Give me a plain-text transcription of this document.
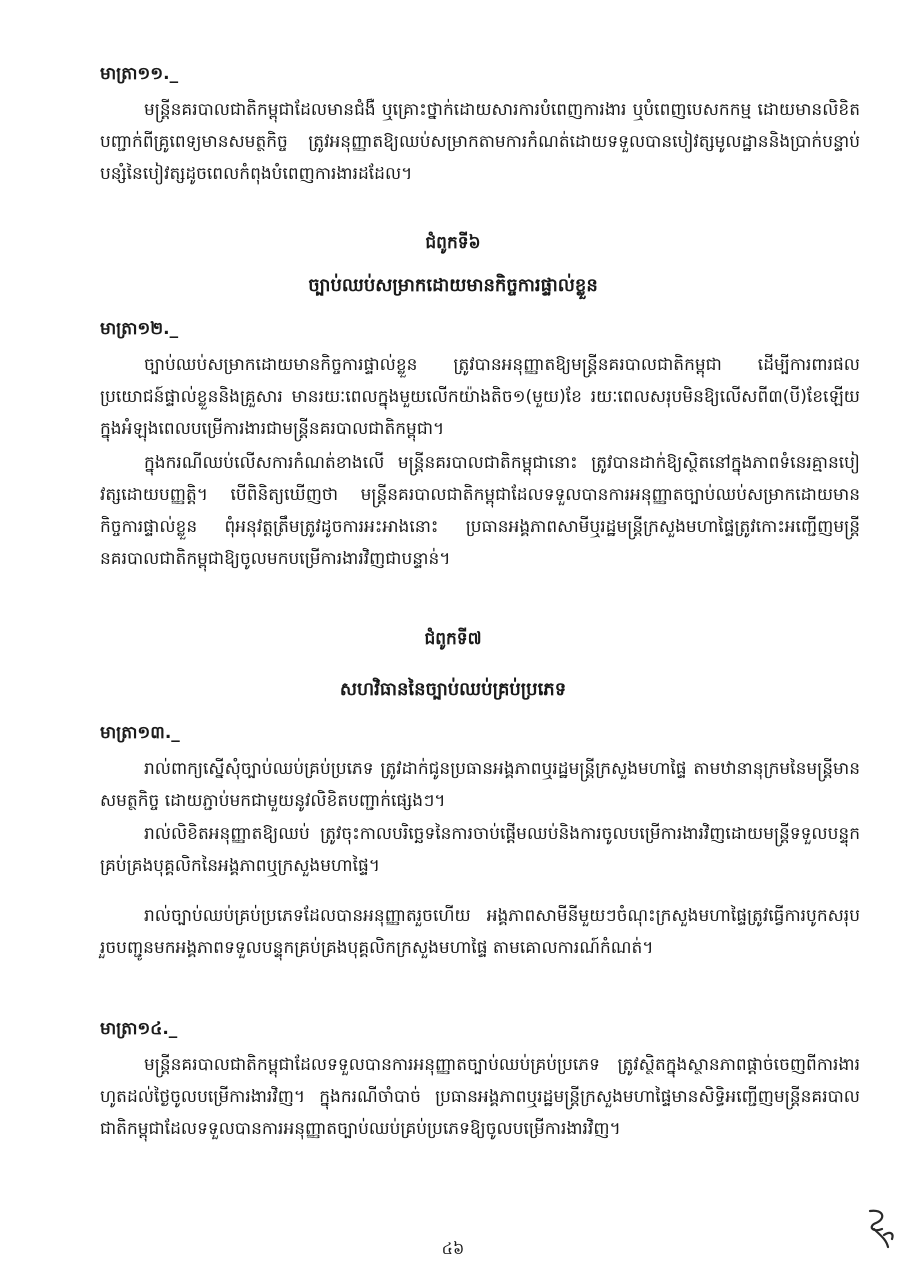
មាត្រា១១._

មន្ត្រីនគរបាលជាតិកម្ពុជាដែលមានជំងឺ ឬគ្រោះថ្នាក់ដោយសារការបំពេញការងារ ឬបំពេញបេសកកម្ម ដោយមានលិខិតបញ្ជាក់ពីគ្រូពេទ្យមានសមត្ថកិច្ច ត្រូវអនុញ្ញាតឱ្យឈប់សម្រាកតាមការកំណត់ដោយទទួលបានបៀវត្សមូលដ្ឋាននិងប្រាក់បន្ទាប់បន្សំនៃបៀវត្សដូចពេលកំពុងបំពេញការងារដដែល។

ជំពូកទី៦
ច្បាប់ឈប់សម្រាកដោយមានកិច្ចការផ្ទាល់ខ្លួន
មាត្រា១២._

ច្បាប់ឈប់សម្រាកដោយមានកិច្ចការផ្ទាល់ខ្លួន ត្រូវបានអនុញ្ញាតឱ្យមន្ត្រីនគរបាលជាតិកម្ពុជា ដើម្បីការពារផលប្រយោជន៍ផ្ទាល់ខ្លួននិងគ្រួសារ មានរយៈពេលក្នុងមួយលើកយ៉ាងតិច១(មួយ)ខែ រយៈពេលសរុបមិនឱ្យលើសពី៣(បី)ខែឡើយ ក្នុងអំឡុងពេលបម្រើការងារជាមន្ត្រីនគរបាលជាតិកម្ពុជា។

ក្នុងករណីឈប់លើសការកំណត់ខាងលើ មន្ត្រីនគរបាលជាតិកម្ពុជានោះ ត្រូវបានដាក់ឱ្យស្ថិតនៅក្នុងភាពទំនេរគ្មានបៀវត្សដោយបញ្ញត្តិ។ បើពិនិត្យឃើញថា មន្ត្រីនគរបាលជាតិកម្ពុជាដែលទទួលបានការអនុញ្ញាតច្បាប់ឈប់សម្រាកដោយមានកិច្ចការផ្ទាល់ខ្លួន ពុំអនុវត្តត្រឹមត្រូវដូចការអះអាងនោះ ប្រធានអង្គភាពសាមីឬរដ្ឋមន្ត្រីក្រសួងមហាផ្ទៃត្រូវកោះអញ្ជើញមន្ត្រីនគរបាលជាតិកម្ពុជាឱ្យចូលមកបម្រើការងារវិញជាបន្ទាន់។

ជំពូកទី៧
សហវិធាននៃច្បាប់ឈប់គ្រប់ប្រភេទ
មាត្រា១៣._

រាល់ពាក្យស្នើសុំច្បាប់ឈប់គ្រប់ប្រភេទ ត្រូវដាក់ជូនប្រធានអង្គភាពឬរដ្ឋមន្ត្រីក្រសួងមហាផ្ទៃ តាមឋានានុក្រមនៃមន្ត្រីមានសមត្ថកិច្ច ដោយភ្ជាប់មកជាមួយនូវលិខិតបញ្ជាក់ផ្សេងៗ។

រាល់លិខិតអនុញ្ញាតឱ្យឈប់ ត្រូវចុះកាលបរិច្ឆេទនៃការចាប់ផ្ដើមឈប់និងការចូលបម្រើការងារវិញដោយមន្ត្រីទទួលបន្ទុកគ្រប់គ្រងបុគ្គលិកនៃអង្គភាពឬក្រសួងមហាផ្ទៃ។

រាល់ច្បាប់ឈប់គ្រប់ប្រភេទដែលបានអនុញ្ញាតរួចហើយ អង្គភាពសាមីនីមួយៗចំណុះក្រសួងមហាផ្ទៃត្រូវធ្វើការបូកសរុប រួចបញ្ជូនមកអង្គភាពទទួលបន្ទុកគ្រប់គ្រងបុគ្គលិកក្រសួងមហាផ្ទៃ តាមគោលការណ៍កំណត់។

មាត្រា១៤._

មន្ត្រីនគរបាលជាតិកម្ពុជាដែលទទួលបានការអនុញ្ញាតច្បាប់ឈប់គ្រប់ប្រភេទ ត្រូវស្ថិតក្នុងស្ថានភាពផ្ដាច់ចេញពីការងារ ហូតដល់ថ្ងៃចូលបម្រើការងារវិញ។ ក្នុងករណីចាំបាច់ ប្រធានអង្គភាពឬរដ្ឋមន្ត្រីក្រសួងមហាផ្ទៃមានសិទ្ធិអញ្ជើញមន្ត្រីនគរបាលជាតិកម្ពុជាដែលទទួលបានការអនុញ្ញាតច្បាប់ឈប់គ្រប់ប្រភេទឱ្យចូលបម្រើការងារវិញ។

៤៦
